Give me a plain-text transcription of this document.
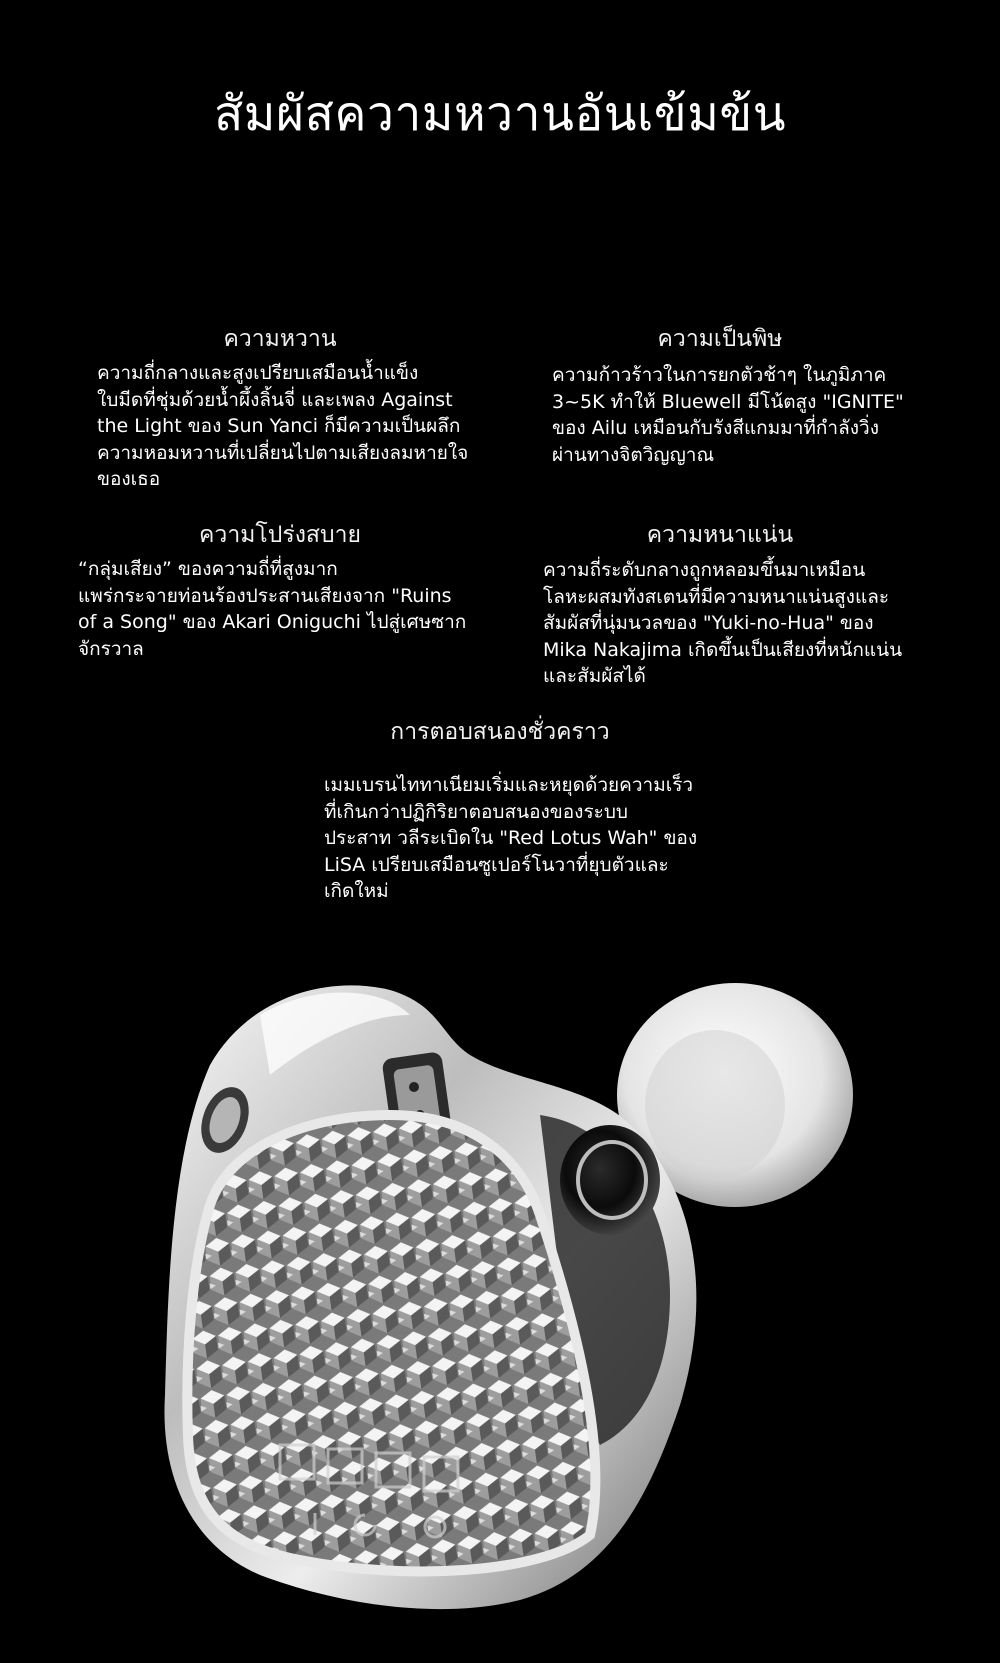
สัมผัสความหวานอันเข้มข้น
ความหวาน
ความถี่กลางและสูงเปรียบเสมือนน้ำแข็ง
ใบมีดที่ชุ่มด้วยน้ำผึ้งลิ้นจี่ และเพลง Against
the Light ของ Sun Yanci ก็มีความเป็นผลึก
ความหอมหวานที่เปลี่ยนไปตามเสียงลมหายใจ
ของเธอ
ความเป็นพิษ
ความก้าวร้าวในการยกตัวช้าๆ ในภูมิภาค
3~5K ทำให้ Bluewell มีโน้ตสูง "IGNITE"
ของ Ailu เหมือนกับรังสีแกมมาที่กำลังวิ่ง
ผ่านทางจิตวิญญาณ
ความโปร่งสบาย
“กลุ่มเสียง” ของความถี่ที่สูงมาก
แพร่กระจายท่อนร้องประสานเสียงจาก "Ruins
of a Song" ของ Akari Oniguchi ไปสู่เศษซาก
จักรวาล
ความหนาแน่น
ความถี่ระดับกลางถูกหลอมขึ้นมาเหมือน
โลหะผสมทังสเตนที่มีความหนาแน่นสูงและ
สัมผัสที่นุ่มนวลของ "Yuki-no-Hua" ของ
Mika Nakajima เกิดขึ้นเป็นเสียงที่หนักแน่น
และสัมผัสได้
การตอบสนองชั่วคราว
เมมเบรนไททาเนียมเริ่มและหยุดด้วยความเร็ว
ที่เกินกว่าปฏิกิริยาตอบสนองของระบบ
ประสาท วลีระเบิดใน "Red Lotus Wah" ของ
LiSA เปรียบเสมือนซูเปอร์โนวาที่ยุบตัวและ
เกิดใหม่
